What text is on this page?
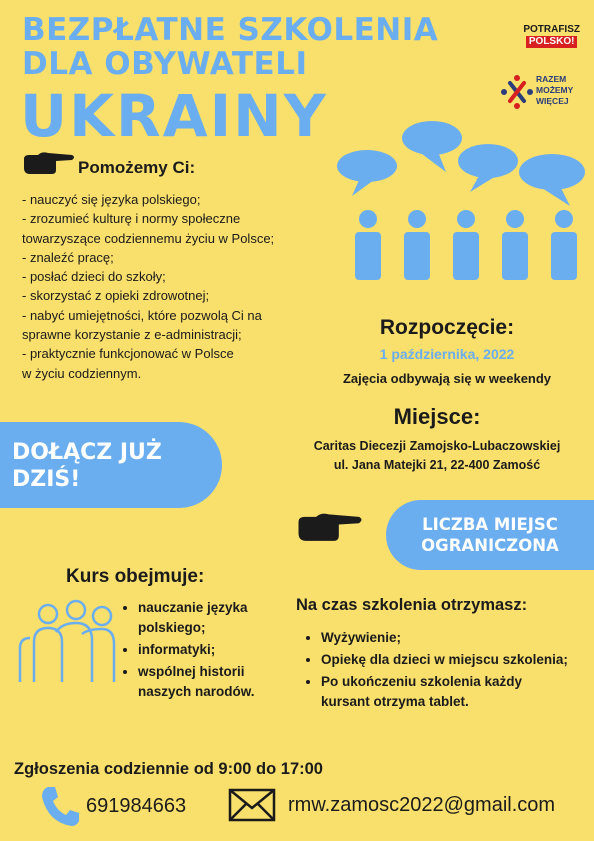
BEZPŁATNE SZKOLENIA
DLA OBYWATELI
UKRAINY
POTRAFISZ
POLSKO!
RAZEM
MOŻEMY
WIĘCEJ
Pomożemy Ci:
- nauczyć się języka polskiego;
- zrozumieć kulturę i normy społeczne
towarzyszące codziennemu życiu w Polsce;
- znaleźć pracę;
- posłać dzieci do szkoły;
- skorzystać z opieki zdrowotnej;
- nabyć umiejętności, które pozwolą Ci na
sprawne korzystanie z e-administracji;
- praktycznie funkcjonować w Polsce
w życiu codziennym.
Rozpoczęcie:
1 października, 2022
Zajęcia odbywają się w weekendy
Miejsce:
Caritas Diecezji Zamojsko-Lubaczowskiej
ul. Jana Matejki 21, 22-400 Zamość
DOŁĄCZ JUŻ
DZIŚ!
LICZBA MIEJSC
OGRANICZONA
Kurs obejmuje:
• nauczanie języka polskiego;
• informatyki;
• wspólnej historii naszych narodów.
Na czas szkolenia otrzymasz:
• Wyżywienie;
• Opiekę dla dzieci w miejscu szkolenia;
• Po ukończeniu szkolenia każdy kursant otrzyma tablet.
Zgłoszenia codziennie od 9:00 do 17:00
691984663	rmw.zamosc2022@gmail.com
